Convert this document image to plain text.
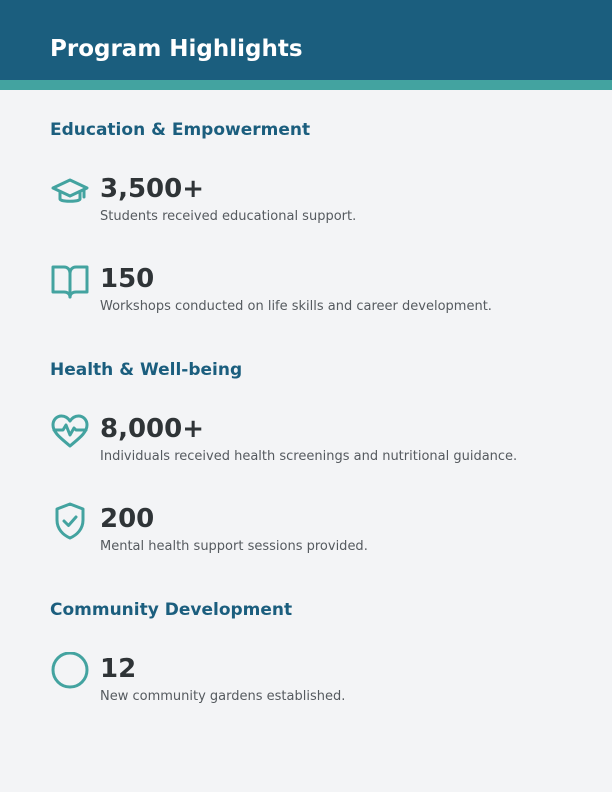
Program Highlights
Education & Empowerment

3,500+

Students received educational support.

150

Workshops conducted on life skills and career development.

Health & Well-being

8,000+

Individuals received health screenings and nutritional guidance.

200

Mental health support sessions provided.

Community Development

12

New community gardens established.
